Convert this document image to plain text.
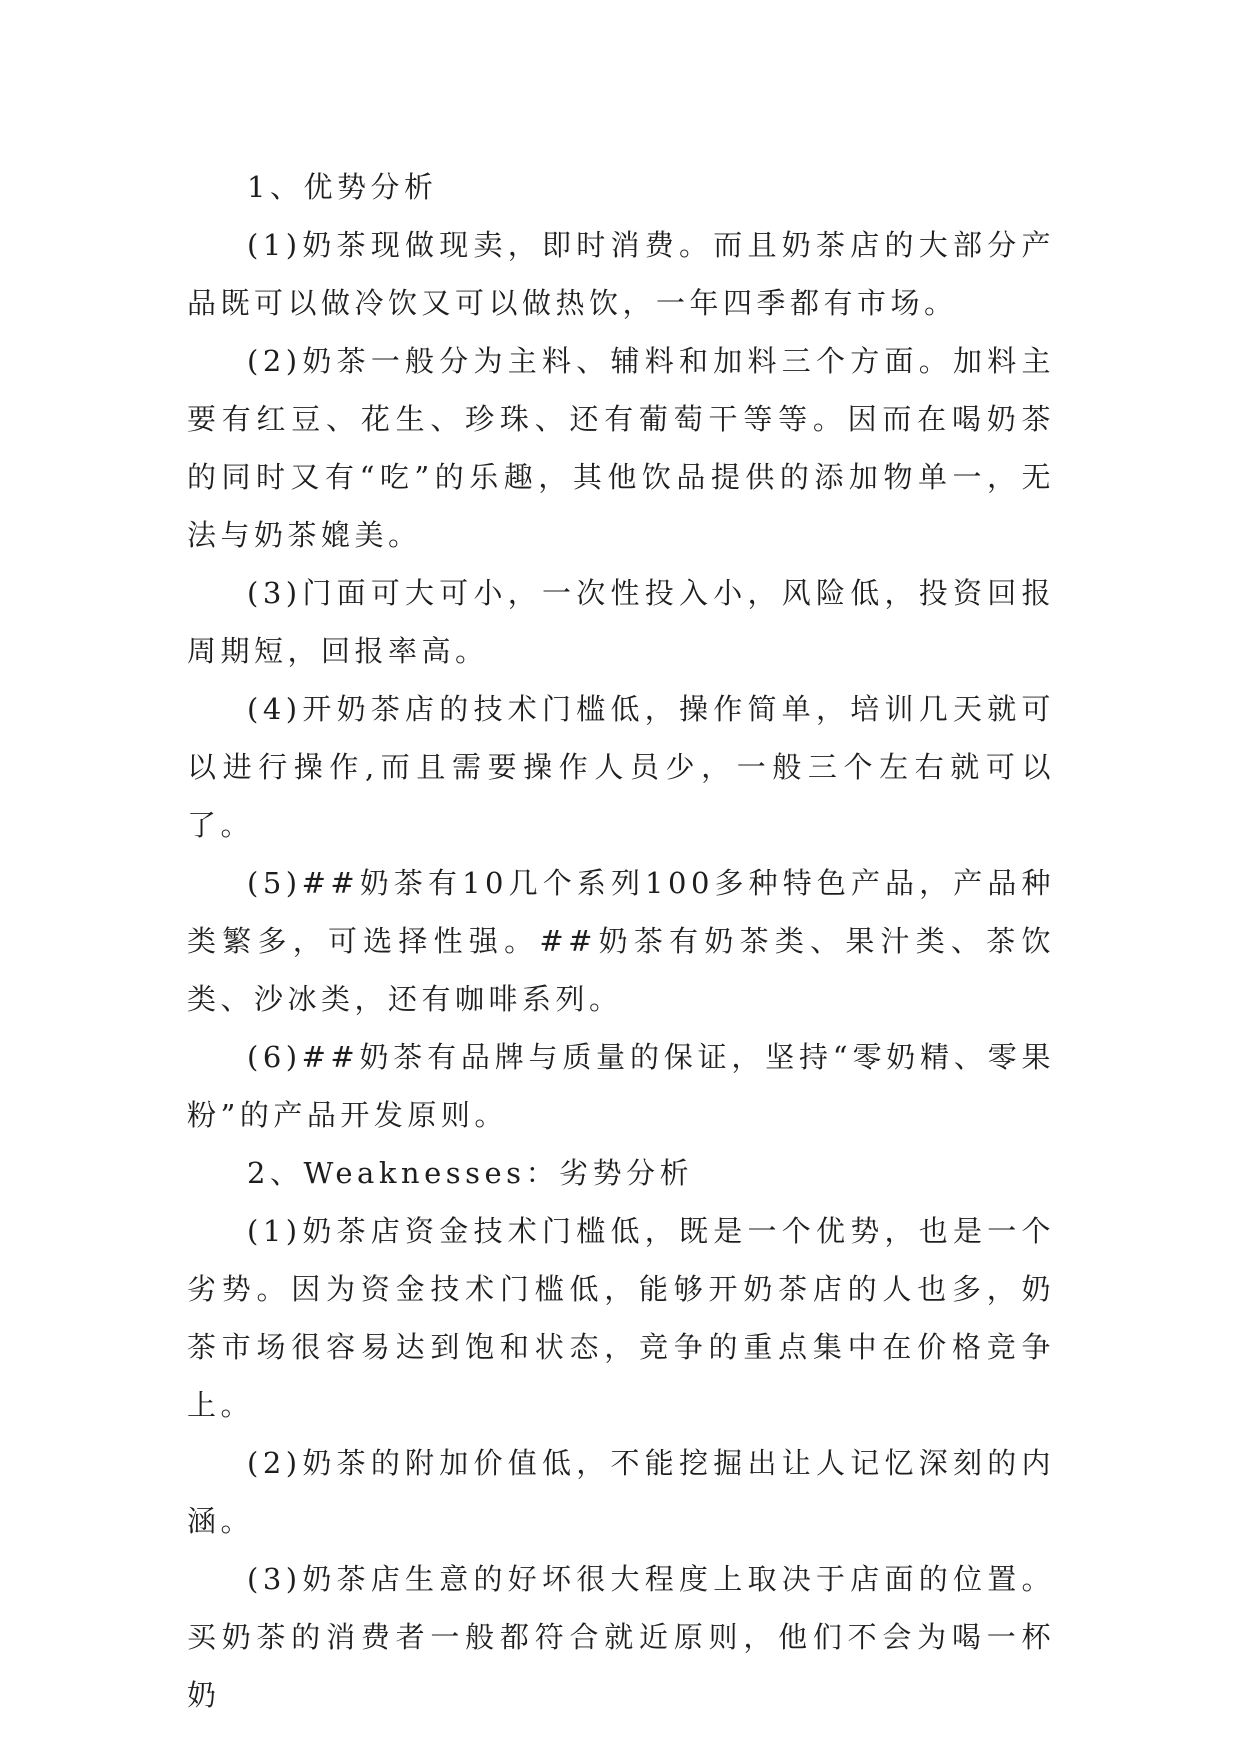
1、优势分析

(1)奶茶现做现卖，即时消费。而且奶茶店的大部分产品既可以做冷饮又可以做热饮，一年四季都有市场。

(2)奶茶一般分为主料、辅料和加料三个方面。加料主要有红豆、花生、珍珠、还有葡萄干等等。因而在喝奶茶的同时又有“吃”的乐趣，其他饮品提供的添加物单一，无法与奶茶媲美。

(3)门面可大可小，一次性投入小，风险低，投资回报周期短，回报率高。

(4)开奶茶店的技术门槛低，操作简单，培训几天就可以进行操作,而且需要操作人员少，一般三个左右就可以了。

(5)##奶茶有10几个系列100多种特色产品，产品种类繁多，可选择性强。##奶茶有奶茶类、果汁类、茶饮类、沙冰类，还有咖啡系列。

(6)##奶茶有品牌与质量的保证，坚持“零奶精、零果粉”的产品开发原则。

2、Weaknesses：劣势分析

(1)奶茶店资金技术门槛低，既是一个优势，也是一个劣势。因为资金技术门槛低，能够开奶茶店的人也多，奶茶市场很容易达到饱和状态，竞争的重点集中在价格竞争上。

(2)奶茶的附加价值低，不能挖掘出让人记忆深刻的内涵。

(3)奶茶店生意的好坏很大程度上取决于店面的位置。买奶茶的消费者一般都符合就近原则，他们不会为喝一杯奶
